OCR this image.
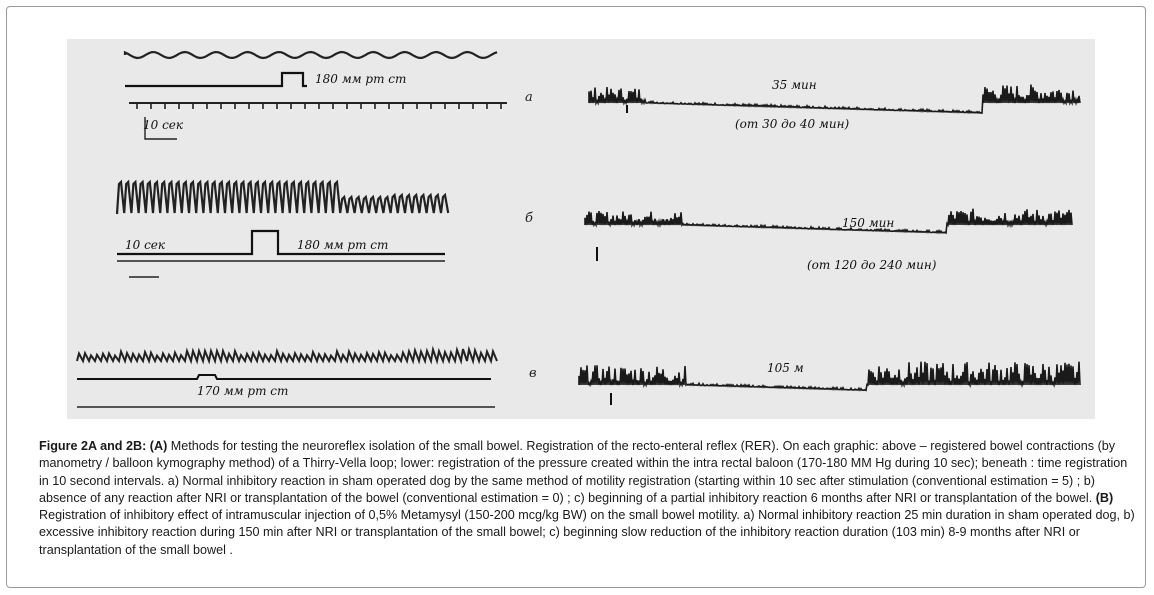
180 мм рт ст
10 сек
10 сек	180 мм рт ст
170 мм рт ст
а
35 мин
(от 30 до 40 мин)
б	150 мин
(от 120 до 240 мин)
в	105 м
Figure 2A and 2B: (A) Methods for testing the neuroreflex isolation of the small bowel. Registration of the recto-enteral reflex (RER). On each graphic: above – registered bowel contractions (by manometry / balloon kymography method) of a Thirry-Vella loop; lower: registration of the pressure created within the intra rectal baloon (170-180 MM Hg during 10 sec); beneath : time registration in 10 second intervals. a) Normal inhibitory reaction in sham operated dog by the same method of motility registration (starting within 10 sec after stimulation (conventional estimation = 5) ; b) absence of any reaction after NRI or transplantation of the bowel (conventional estimation = 0) ; c) beginning of a partial inhibitory reaction 6 months after NRI or transplantation of the bowel. (B) Registration of inhibitory effect of intramuscular injection of 0,5% Metamysyl (150-200 mcg/kg BW) on the small bowel motility. a) Normal inhibitory reaction 25 min duration in sham operated dog, b) excessive inhibitory reaction during 150 min after NRI or transplantation of the small bowel; c) beginning slow reduction of the inhibitory reaction duration (103 min) 8-9 months after NRI or transplantation of the small bowel .
